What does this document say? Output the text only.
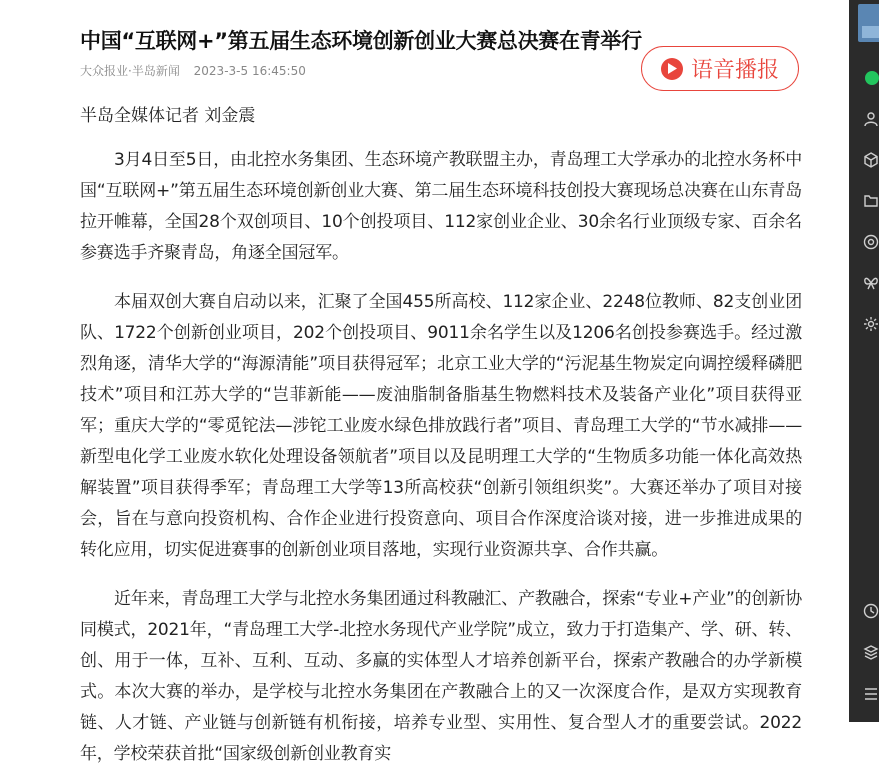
中国“互联网+”第五届生态环境创新创业大赛总决赛在青举行
大众报业·半岛新闻 2023-3-5 16:45:50	语音播报
半岛全媒体记者 刘金震

3月4日至5日，由北控水务集团、生态环境产教联盟主办，青岛理工大学承办的北控水务杯中国“互联网+”第五届生态环境创新创业大赛、第二届生态环境科技创投大赛现场总决赛在山东青岛拉开帷幕，全国28个双创项目、10个创投项目、112家创业企业、30余名行业顶级专家、百余名参赛选手齐聚青岛，角逐全国冠军。

本届双创大赛自启动以来，汇聚了全国455所高校、112家企业、2248位教师、82支创业团队、1722个创新创业项目，202个创投项目、9011余名学生以及1206名创投参赛选手。经过激烈角逐，清华大学的“海源清能”项目获得冠军；北京工业大学的“污泥基生物炭定向调控缓释磷肥技术”项目和江苏大学的“岂菲新能——废油脂制备脂基生物燃料技术及装备产业化”项目获得亚军；重庆大学的“零觅铊法—涉铊工业废水绿色排放践行者”项目、青岛理工大学的“节水减排——新型电化学工业废水软化处理设备领航者”项目以及昆明理工大学的“生物质多功能一体化高效热解装置”项目获得季军；青岛理工大学等13所高校获“创新引领组织奖”。大赛还举办了项目对接会，旨在与意向投资机构、合作企业进行投资意向、项目合作深度洽谈对接，进一步推进成果的转化应用，切实促进赛事的创新创业项目落地，实现行业资源共享、合作共赢。

近年来，青岛理工大学与北控水务集团通过科教融汇、产教融合，探索“专业+产业”的创新协同模式，2021年，“青岛理工大学-北控水务现代产业学院”成立，致力于打造集产、学、研、转、创、用于一体，互补、互利、互动、多赢的实体型人才培养创新平台，探索产教融合的办学新模式。本次大赛的举办，是学校与北控水务集团在产教融合上的又一次深度合作，是双方实现教育链、人才链、产业链与创新链有机衔接，培养专业型、实用性、复合型人才的重要尝试。2022年，学校荣获首批“国家级创新创业教育实
